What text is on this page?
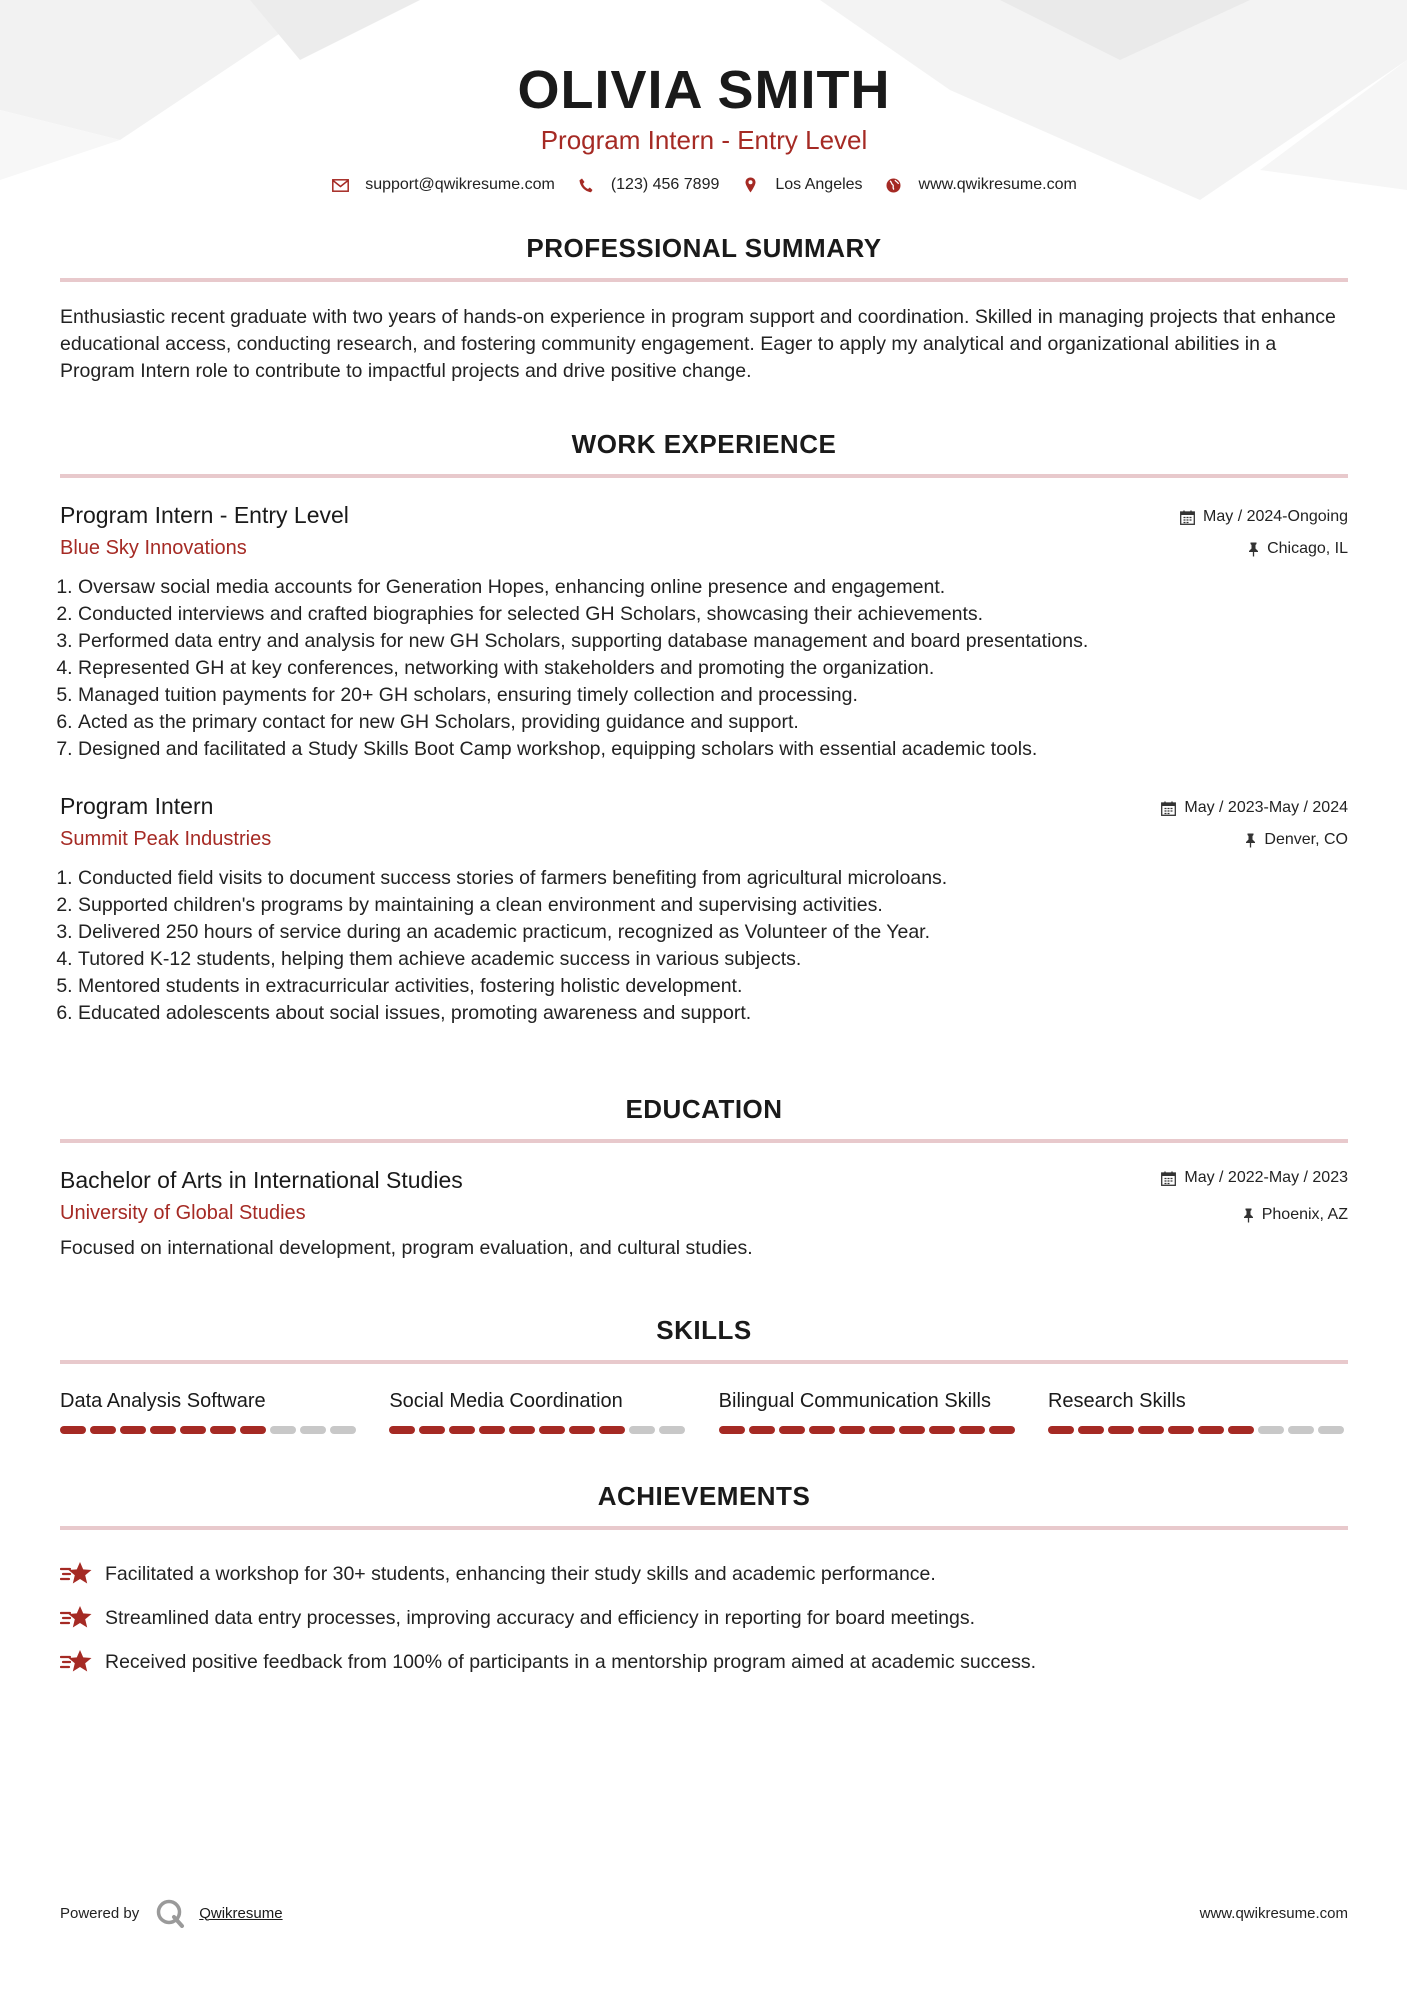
OLIVIA SMITH
Program Intern - Entry Level
support@qwikresume.com	(123) 456 7899	Los Angeles	www.qwikresume.com
PROFESSIONAL SUMMARY
Enthusiastic recent graduate with two years of hands-on experience in program support and coordination. Skilled in managing projects that enhance educational access, conducting research, and fostering community engagement. Eager to apply my analytical and organizational abilities in a Program Intern role to contribute to impactful projects and drive positive change.
WORK EXPERIENCE
Program Intern - Entry Level
Blue Sky Innovations
May / 2024-Ongoing
Chicago, IL
1. Oversaw social media accounts for Generation Hopes, enhancing online presence and engagement.
2. Conducted interviews and crafted biographies for selected GH Scholars, showcasing their achievements.
3. Performed data entry and analysis for new GH Scholars, supporting database management and board presentations.
4. Represented GH at key conferences, networking with stakeholders and promoting the organization.
5. Managed tuition payments for 20+ GH scholars, ensuring timely collection and processing.
6. Acted as the primary contact for new GH Scholars, providing guidance and support.
7. Designed and facilitated a Study Skills Boot Camp workshop, equipping scholars with essential academic tools.
Program Intern
Summit Peak Industries
May / 2023-May / 2024
Denver, CO
1. Conducted field visits to document success stories of farmers benefiting from agricultural microloans.
2. Supported children's programs by maintaining a clean environment and supervising activities.
3. Delivered 250 hours of service during an academic practicum, recognized as Volunteer of the Year.
4. Tutored K-12 students, helping them achieve academic success in various subjects.
5. Mentored students in extracurricular activities, fostering holistic development.
6. Educated adolescents about social issues, promoting awareness and support.
EDUCATION
Bachelor of Arts in International Studies
University of Global Studies
May / 2022-May / 2023
Phoenix, AZ
Focused on international development, program evaluation, and cultural studies.
SKILLS
Data Analysis Software	Social Media Coordination	Bilingual Communication Skills	Research Skills
ACHIEVEMENTS
Facilitated a workshop for 30+ students, enhancing their study skills and academic performance.
Streamlined data entry processes, improving accuracy and efficiency in reporting for board meetings.
Received positive feedback from 100% of participants in a mentorship program aimed at academic success.
Powered by	Qwikresume	www.qwikresume.com
